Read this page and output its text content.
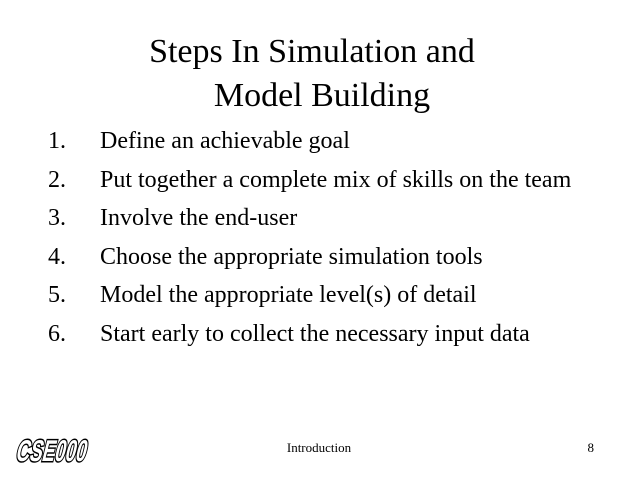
Steps In Simulation and
Model Building
1. Define an achievable goal
2. Put together a complete mix of skills on the team
3. Involve the end-user
4. Choose the appropriate simulation tools
5. Model the appropriate level(s) of detail
6. Start early to collect the necessary input data
CSE000	Introduction	8
